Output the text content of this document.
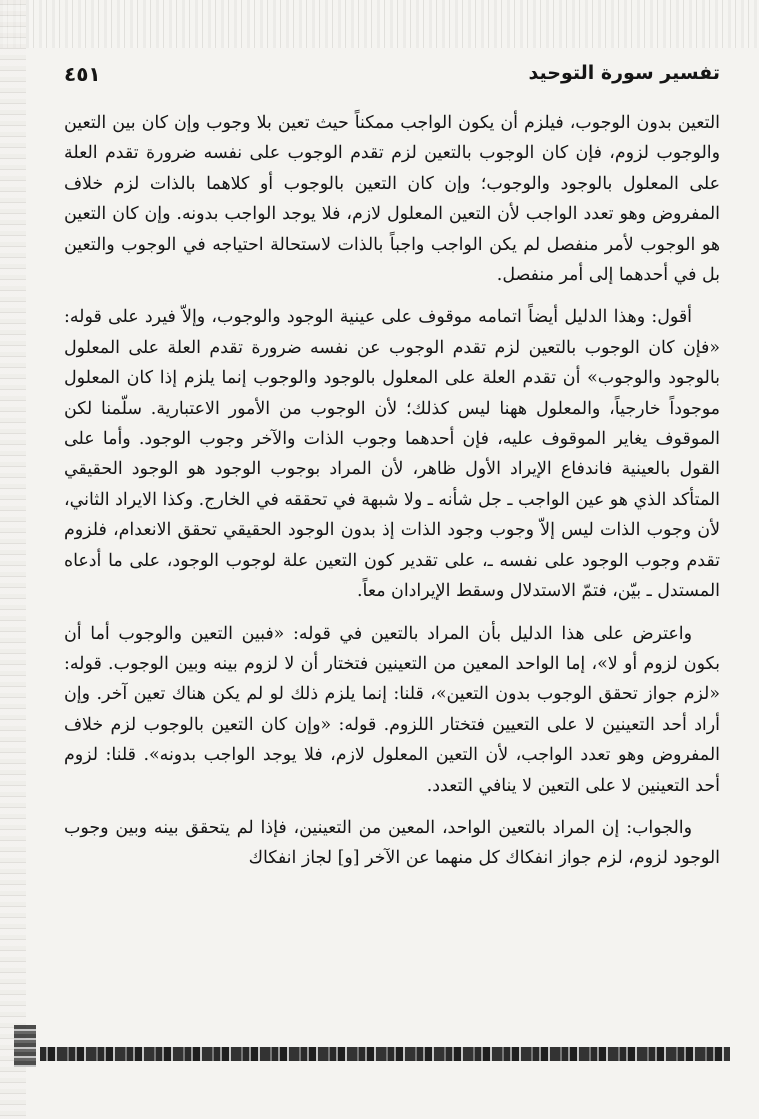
تفسير سورة التوحيد
٤٥١

التعين بدون الوجوب، فيلزم أن يكون الواجب ممكناً حيث تعين بلا وجوب وإن كان بين التعين والوجوب لزوم، فإن كان الوجوب بالتعين لزم تقدم الوجوب على نفسه ضرورة تقدم العلة على المعلول بالوجود والوجوب؛ وإن كان التعين بالوجوب أو كلاهما بالذات لزم خلاف المفروض وهو تعدد الواجب لأن التعين المعلول لازم، فلا يوجد الواجب بدونه. وإن كان التعين هو الوجوب لأمر منفصل لم يكن الواجب واجباً بالذات لاستحالة احتياجه في الوجوب والتعين بل في أحدهما إلى أمر منفصل.

أقول: وهذا الدليل أيضاً اتمامه موقوف على عينية الوجود والوجوب، وإلاّ فيرد على قوله: «فإن كان الوجوب بالتعين لزم تقدم الوجوب عن نفسه ضرورة تقدم العلة على المعلول بالوجود والوجوب» أن تقدم العلة على المعلول بالوجود والوجوب إنما يلزم إذا كان المعلول موجوداً خارجياً، والمعلول ههنا ليس كذلك؛ لأن الوجوب من الأمور الاعتبارية. سلّمنا لكن الموقوف يغاير الموقوف عليه، فإن أحدهما وجوب الذات والآخر وجوب الوجود. وأما على القول بالعينية فاندفاع الإيراد الأول ظاهر، لأن المراد بوجوب الوجود هو الوجود الحقيقي المتأكد الذي هو عين الواجب ـ جل شأنه ـ ولا شبهة في تحققه في الخارج. وكذا الايراد الثاني، لأن وجوب الذات ليس إلاّ وجوب وجود الذات إذ بدون الوجود الحقيقي تحقق الانعدام، فلزوم تقدم وجوب الوجود على نفسه ـ، على تقدير كون التعين علة لوجوب الوجود، على ما أدعاه المستدل ـ بيّن، فتمّ الاستدلال وسقط الإيرادان معاً.

واعترض على هذا الدليل بأن المراد بالتعين في قوله: «فبين التعين والوجوب أما أن بكون لزوم أو لا»، إما الواحد المعين من التعينين فتختار أن لا لزوم بينه وبين الوجوب. قوله: «لزم جواز تحقق الوجوب بدون التعين»، قلنا: إنما يلزم ذلك لو لم يكن هناك تعين آخر. وإن أراد أحد التعينين لا على التعيين فتختار اللزوم. قوله: «وإن كان التعين بالوجوب لزم خلاف المفروض وهو تعدد الواجب، لأن التعين المعلول لازم، فلا يوجد الواجب بدونه». قلنا: لزوم أحد التعينين لا على التعين لا ينافي التعدد.

والجواب: إن المراد بالتعين الواحد، المعين من التعينين، فإذا لم يتحقق بينه وبين وجوب الوجود لزوم، لزم جواز انفكاك كل منهما عن الآخر [و] لجاز انفكاك
